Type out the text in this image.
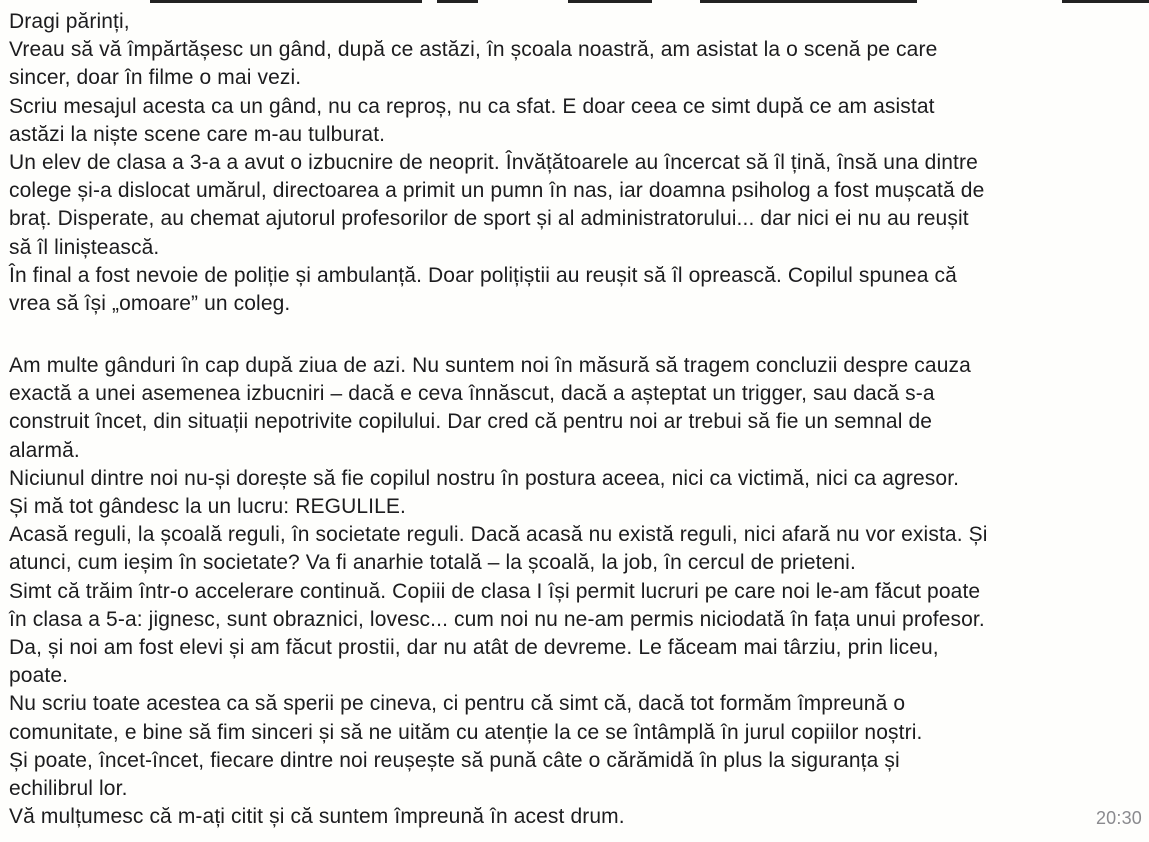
Dragi părinți,
Vreau să vă împărtășesc un gând, după ce astăzi, în școala noastră, am asistat la o scenă pe care
sincer, doar în filme o mai vezi.
Scriu mesajul acesta ca un gând, nu ca reproș, nu ca sfat. E doar ceea ce simt după ce am asistat
astăzi la niște scene care m-au tulburat.
Un elev de clasa a 3-a a avut o izbucnire de neoprit. Învățătoarele au încercat să îl țină, însă una dintre
colege și-a dislocat umărul, directoarea a primit un pumn în nas, iar doamna psiholog a fost mușcată de
braț. Disperate, au chemat ajutorul profesorilor de sport și al administratorului... dar nici ei nu au reușit
să îl liniștească.
În final a fost nevoie de poliție și ambulanță. Doar polițiștii au reușit să îl oprească. Copilul spunea că
vrea să își „omoare” un coleg.
Am multe gânduri în cap după ziua de azi. Nu suntem noi în măsură să tragem concluzii despre cauza
exactă a unei asemenea izbucniri – dacă e ceva înnăscut, dacă a așteptat un trigger, sau dacă s-a
construit încet, din situații nepotrivite copilului. Dar cred că pentru noi ar trebui să fie un semnal de
alarmă.
Niciunul dintre noi nu-și dorește să fie copilul nostru în postura aceea, nici ca victimă, nici ca agresor.
Și mă tot gândesc la un lucru: REGULILE.
Acasă reguli, la școală reguli, în societate reguli. Dacă acasă nu există reguli, nici afară nu vor exista. Și
atunci, cum ieșim în societate? Va fi anarhie totală – la școală, la job, în cercul de prieteni.
Simt că trăim într-o accelerare continuă. Copiii de clasa I își permit lucruri pe care noi le-am făcut poate
în clasa a 5-a: jignesc, sunt obraznici, lovesc... cum noi nu ne-am permis niciodată în fața unui profesor.
Da, și noi am fost elevi și am făcut prostii, dar nu atât de devreme. Le făceam mai târziu, prin liceu,
poate.
Nu scriu toate acestea ca să sperii pe cineva, ci pentru că simt că, dacă tot formăm împreună o
comunitate, e bine să fim sinceri și să ne uităm cu atenție la ce se întâmplă în jurul copiilor noștri.
Și poate, încet-încet, fiecare dintre noi reușește să pună câte o cărămidă în plus la siguranța și
echilibrul lor.
Vă mulțumesc că m-ați citit și că suntem împreună în acest drum.	20:30
